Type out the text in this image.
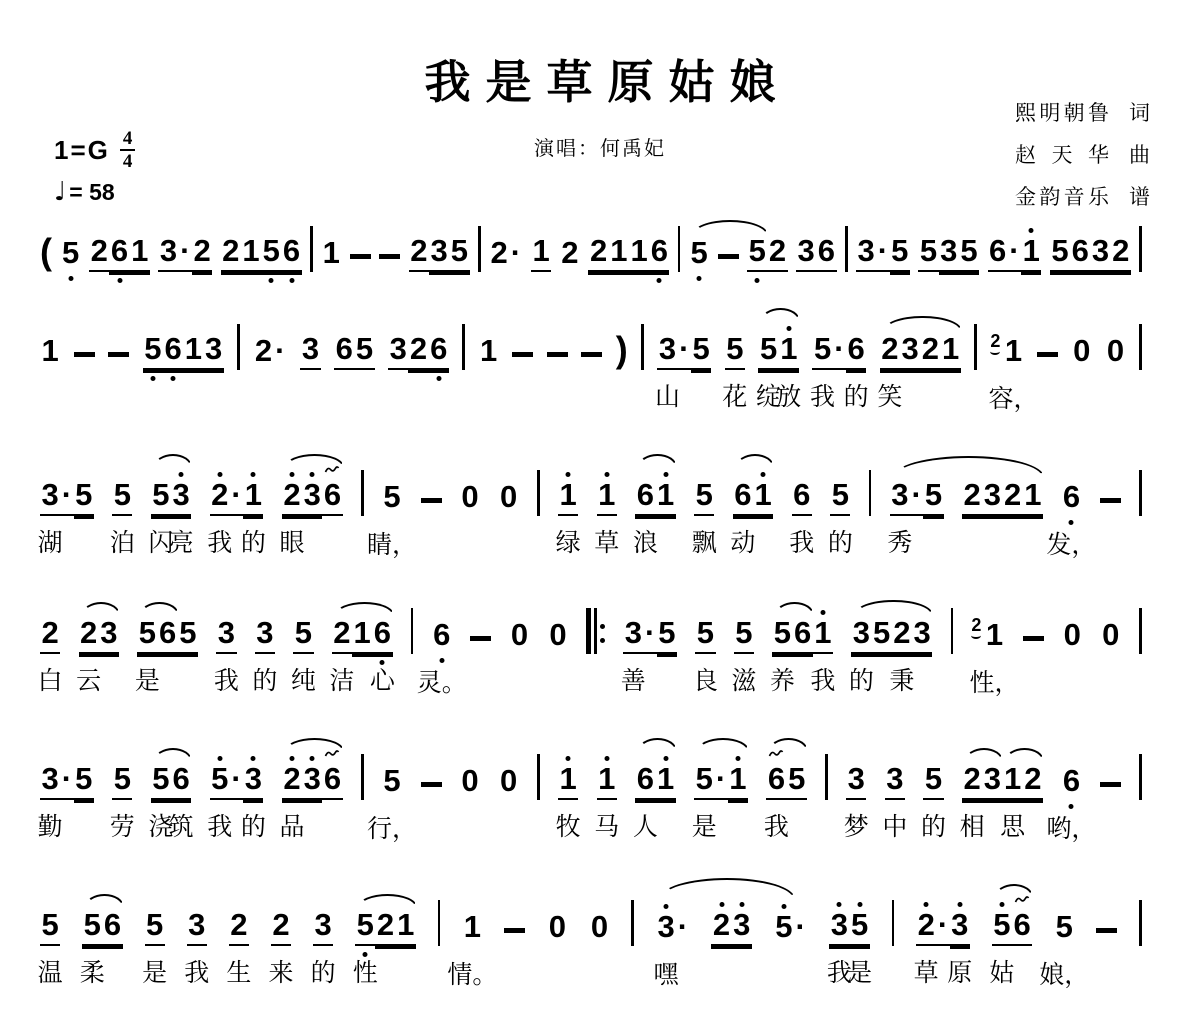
我是草原姑娘
演唱：何禹妃
熙 明 朝 鲁 词
赵 天 华 曲
金 韵 音 乐 谱
$1=G \frac{4}{4}$
♩ = 58
( 5 2 6 1 3 · 2 2 1 5 6 1 2 3 5 2 · 1 2 2 1 1 6 5 5 2 3 6 3 · 5 5 3 5 6 · 1 5 6 3 2
1	5 6 1 3 2 · 3 6 5 3 2 6 1	) 3
山
· 5 5
花
5
绽
1
放
5
我
· 6
的
2
笑
3 2 1 2 1
容，
0 0
3
湖
· 5 5
泊
5
闪
3
亮
2
我
· 1
的
2
眼
3 6 5
睛，
0 0 1
绿
1
草
6
浪
1 5
飘
6
动
1 6
我
5
的
3
秀
· 5 2 3 2 1 6
发，
2
白
2
云
3 5
是
6 5 3
我
3
的
5
纯
2
洁
1 6
心
6
灵。
0 0 3
善
· 5 5
良
5
滋
5
养
6 1
我
3
的
5 2
秉
3 2 1
性，
0 0
3
勤
· 5 5
劳
5
浇
6
筑
5
我
· 3
的
2
品
3 6 5
行，
0 0 1
牧
1
马
6
人
1 5
是
· 1 6
我
5 3
梦
3
中
5
的
2
相
3 1
思
2 6
哟，
5
温
5
柔
6 5
是
3
我
2
生
2
来
3
的
5
性
2 1 1
情。
0 0 3
嘿
· 2 3 5 · 3
我
5
是
2
草
· 3
原
5
姑
6 5
娘，
